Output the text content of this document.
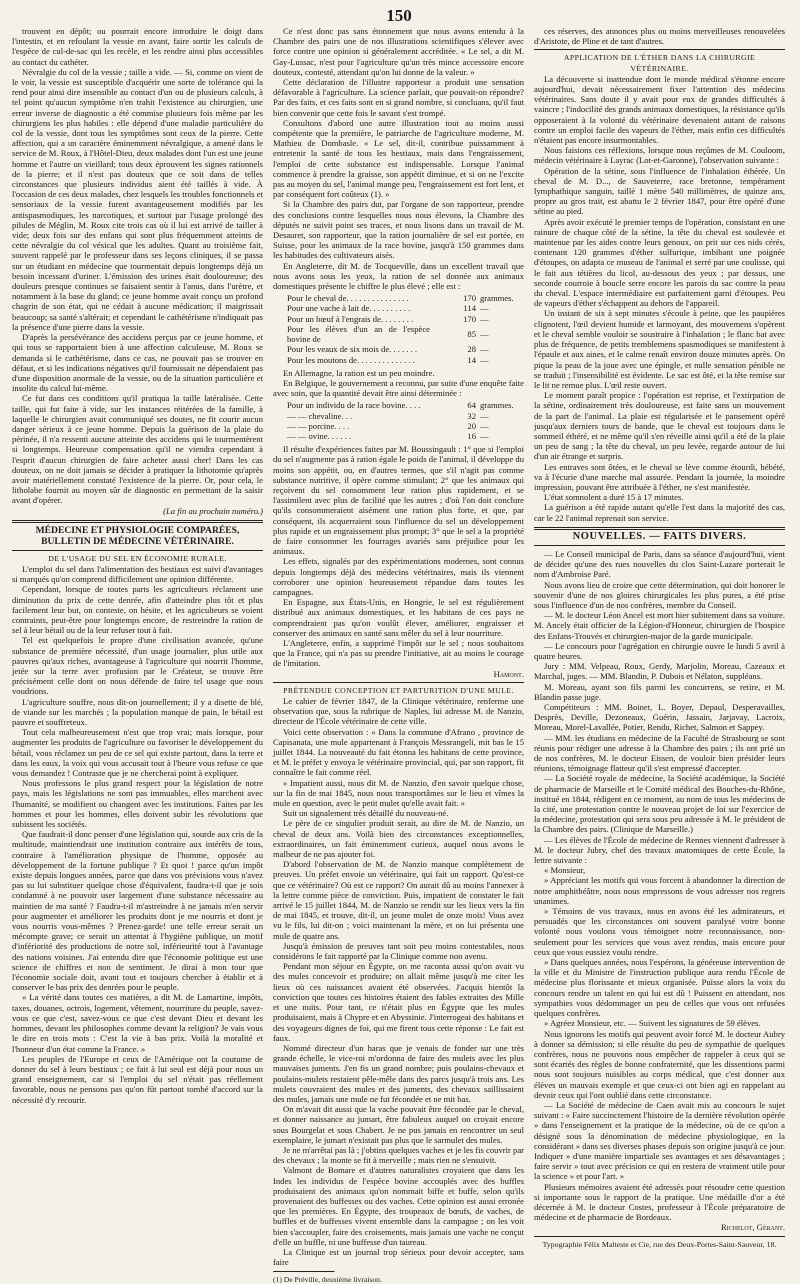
150

trouvent en dépôt; ou pourrait encore introduire le doigt dans l'intestin, et en refoulant la vessie en avant, faire sortir les calculs de l'espèce de cul-de-sac qui les recèle, et les rendre ainsi plus accessibles au contact du cathéter.

Névralgie du col de la vessie ; taille a vide. — Si, comme on vient de le voir, la vessie est susceptible d'acquérir une sorte de tolérance qui la rend pour ainsi dire insensible au contact d'un ou de plusieurs calculs, à tel point qu'aucun symptôme n'en trahit l'existence au chirurgien, une erreur inverse de diagnostic a été commise plusieurs fois même par les chirurgiens les plus habiles : elle dépend d'une maladie particulière du col de la vessie, dont tous les symptômes sont ceux de la pierre. Cette affection, qui a un caractère éminemment névralgique, a amené dans le service de M. Roux, à l'Hôtel-Dieu, deux malades dont l'un est une jeune homme et l'autre un vieillard; tous deux éprouvent les signes rationnels de la pierre; et il n'est pas douteux que ce soit dans de telles circonstances que plusieurs individus aient été taillés à vide. À l'occasion de ces deux malades, chez lesquels les troubles fonctionnels et sensoriaux de la vessie furent avantageusement modifiés par les antispasmodiques, les narcotiques, et surtout par l'usage prolongé des pilules de Méglin, M. Roux cite trois cas où il lui est arrivé de tailler à vide; deux fois sur des enfans qui sont plus fréquemment atteints de cette névralgie du col vésical que les adultes. Quant au troisième fait, souvent rappelé par le professeur dans ses leçons cliniques, il se passa sur un étudiant en médecine que tourmentait depuis longtemps déjà un besoin incessant d'uriner. L'émission des urines était douloureuse; des douleurs presque continues se faisaient sentir à l'anus, dans l'urètre, et notamment à la base du gland; ce jeune homme avait conçu un profond chagrin de son état, qui ne cédait à aucune médication; il maigrissait beaucoup; sa santé s'altérait; et cependant le cathétérisme n'indiquait pas la présence d'une pierre dans la vessie.

D'après la persévérance des accidens perçus par ce jeune homme, et qui tous se rapportaient bien à une affection calculeuse, M. Roux se demanda si le cathétérisme, dans ce cas, ne pouvait pas se trouver en défaut, et si les indications négatives qu'il fournissait ne dépendaient pas d'une disposition anormale de la vessie, ou de la situation particulière et insolite du calcul lui-même.

Ce fut dans ces conditions qu'il pratiqua la taille latéralisée. Cette taille, qui fut faite à vide, sur les instances réitérées de la famille, à laquelle le chirurgien avait communiqué ses doutes, ne fit courir aucun danger sérieux à ce jeune homme. Depuis la guérison de la plaie du périnée, il n'a ressenti aucune atteinte des accidens qui le tourmentèrent si longtemps. Heureuse compensation qu'il ne viendra cependant à l'esprit d'aucun chirurgien de faire acheter aussi cher! Dans les cas douteux, on ne doit jamais se décider à pratiquer la lithotomie qu'après avoir matériellement constaté l'existence de la pierre. Or, pour cela, le litholabe fournit au moyen sûr de diagnostic en permettant de la saisir avant d'opérer.

(La fin au prochain numéro.)

MÉDECINE ET PHYSIOLOGIE COMPARÉES, BULLETIN DE MÉDECINE VÉTÉRINAIRE.

DE L'USAGE DU SEL EN ÉCONOMIE RURALE.

L'emploi du sel dans l'alimentation des bestiaux est suivi d'avantages si marqués qu'on comprend difficilement une opinion différente.

Cependant, lorsque de toutes parts les agriculteurs réclament une diminution du prix de cette denrée, afin d'atteindre plus tôt et plus facilement leur but, on conteste, on hésite, et les agriculteurs se voient contraints, peut-être pour longtemps encore, de restreindre la ration de sel à leur bétail ou de la leur refuser tout à fait.

Tel est quelquefois le propre d'une civilisation avancée, qu'une substance de première nécessité, d'un usage journalier, plus utile aux pauvres qu'aux riches, avantageuse à l'agriculture qui nourrit l'homme, jetée sur la terre avec profusion par le Créateur, se trouve être précisément celle dont on nous défende de faire tel usage que nous voudrions.

L'agriculture souffre, nous dit-on journellement; il y a disette de blé, de viande sur les marchés ; la population manque de pain, le bétail est pauvre et souffreteux.

Tout cela malheureusement n'est que trop vrai; mais lorsque, pour augmenter les produits de l'agriculture ou favoriser le développement du bétail, vous réclamez un peu de ce sel qui existe partout, dans la terre et dans les eaux, la voix qui vous accusait tout à l'heure vous refuse ce que vous demandez ! Contraste que je ne chercherai point à expliquer.

Nous professons le plus grand respect pour la législation de notre pays, mais les législations ne sont pas immuables, elles marchent avec l'humanité, se modifient ou changent avec les institutions. Faites par les hommes et pour les hommes, elles doivent subir les révolutions que subissent les sociétés.

Que faudrait-il donc penser d'une législation qui, sourde aux cris de la multitude, maintiendrait une institution contraire aux intérêts de tous, contraire à l'amélioration physique de l'homme, opposée au développement de la fortune publique ? Et quoi ! parce qu'un impôt existe depuis longues années, parce que dans vos prévisions vous n'avez pas su lui substituer quelque chose d'équivalent, faudra-t-il que je sois condamné à ne pouvoir user largement d'une substance nécessaire au maintien de ma santé ? Faudra-t-il m'astreindre à ne jamais m'en servir pour augmenter et améliorer les produits dont je me nourris et dont je vous nourris vous-mêmes ? Prenez-garde! une telle erreur serait un mécompte grave; ce serait un attentat à l'hygiène publique, un motif d'infériorité des productions de notre sol, inférieurité tout à l'avantage des nations voisines. J'ai entendu dire que l'économie politique est une science de chiffres et non de sentiment. Je dirai à mon tour que l'économie sociale doit, avant tout et toujours chercher à établir et à conserver le bas prix des denrées pour le peuple.

« La vérité dans toutes ces matières, a dit M. de Lamartine, impôts, taxes, douanes, octrois, logement, vêtement, nourriture du peuple, savez-vous ce que c'est, savez-vous ce que c'est devant Dieu et devant les hommes, devant les philosophes comme devant la religion? Je vais vous le dire en trois mots : C'est la vie à bas prix. Voilà la moralité et l'honneur d'un état comme la France. »

Les peuples de l'Europe et ceux de l'Amérique ont la coutume de donner du sel à leurs bestiaux ; ce fait à lui seul est déjà pour nous un grand enseignement, car si l'emploi du sel n'était pas réellement favorable, nous ne pensons pas qu'on fût partout tombé d'accord sur la nécessité d'y recourir.

Ce n'est donc pas sans étonnement que nous avons entendu à la Chambre des pairs une de nos illustrations scientifiques s'élever avec force contre une opinion si généralement accréditée. « Le sel, a dit M. Gay-Lussac, n'est pour l'agriculture qu'un très mince accessoire encore douteux, contesté, attendant qu'on lui donne de la valeur. »

Cette déclaration de l'illustre rapporteur a produit une sensation défavorable à l'agriculture. La science parlait, que pouvait-on répondre? Par des faits, et ces faits sont en si grand nombre, si concluans, qu'il faut bien convenir que cette fois le savant s'est trompé.

Consultons d'abord une autre illustration tout au moins aussi compétente que la première, le patriarche de l'agriculture moderne, M. Mathieu de Dombasle. « Le sel, dit-il, contribue puissamment à entretenir la santé de tous les bestiaux, mais dans l'engraissement, l'emploi de cette substance est indispensable. Lorsque l'animal commence à prendre la graisse, son appétit diminue, et si on ne l'excite pas au moyen du sel, l'animal mange peu, l'engraissement est fort lent, et par conséquent fort coûteux (1). »

Si la Chambre des pairs dut, par l'organe de son rapporteur, prendre des conclusions contre lesquelles nous nous élevons, la Chambre des députés ne suivit point ses traces, et nous lisons dans un travail de M. Desauret, son rapporteur, que la ration journalière de sel est portée, en Suisse, pour les animaux de la race bovine, jusqu'à 150 grammes dans les habitudes des cultivateurs aisés.

En Angleterre, dit M. de Tocqueville, dans un excellent travail que nous avons sous les yeux, la ration de sel donnée aux animaux domestiques présente le chiffre le plus élevé ; elle est :

Pour le cheval de. . . . . . . . . . . . . . .	170	grammes.
Pour une vache à lait de. . . . . . . . . .	114	—
Pour un bœuf à l'engrais de. . . . . . . .	170	—
Pour les élèves d'un an de l'espèce bovine de	85	—
Pour les veaux de six mois de. . . . . . .	28	—
Pour les moutons de. . . . . . . . . . . . . .	14	—

En Allemagne, la ration est un peu moindre.

En Belgique, le gouvernement a reconnu, par suite d'une enquête faite avec soin, que la quantité devait être ainsi déterminée :

Pour un individu de la race bovine. . . .	64	grammes.
— — chevaline. . .	32	—
— — porcine. . . .	20	—
— — ovine. . . . . .	16	—

Il résulte d'expériences faites par M. Boussingault : 1° que si l'emploi du sel n'augmente pas à ration égale le poids de l'animal, il développe du moins son appétit, ou, en d'autres termes, que s'il n'agit pas comme substance nutritive, il opère comme stimulant; 2° que les animaux qui reçoivent du sel consomment leur ration plus rapidement, et se l'assimilent avec plus de facilité que les autres ; d'où l'on doit conclure qu'ils consommeraient aisément une ration plus forte, et que, par conséquent, ils acquerraient sous l'influence du sel un développement plus rapide et un engraissement plus prompt; 3° que le sel a la propriété de faire consommer les fourrages avariés sans préjudice pour les animaux.

Les effets, signalés par des expérimentations modernes, sont connus depuis longtemps déjà des médecins vétérinaires, mais ils viennent corroborer une opinion heureusement répandue dans toutes les campagnes.

En Espagne, aux États-Unis, en Hongrie, le sel est régulièrement distribué aux animaux domestiques, et les habitans de ces pays ne comprendraient pas qu'on voulût élever, améliorer, engraisser et conserver des animaux en santé sans mêler du sel à leur nourriture.

L'Angleterre, enfin, a supprimé l'impôt sur le sel ; nous souhaitons que la France, qui n'a pas su prendre l'initiative, ait au moins le courage de l'imitation.

Hamont.

PRÉTENDUE CONCEPTION ET PARTURITION D'UNE MULE.

Le cahier de février 1847, de la Clinique vétérinaire, renferme une observation que, sous la rubrique de Naples, lui adresse M. de Nanzio, directeur de l'École vétérinaire de cette ville.

Voici cette observation : « Dans la commune d'Afrano , province de Capisanata, une mule appartenant à François Messrangeli, mit bas le 15 juillet 1844. La nouveauté du fait étonna les habitans de cette province, et M. le préfet y envoya le vétérinaire provincial, qui, par son rapport, fit connaître le fait comme réel.

» Impatient aussi, nous dit M. de Nanzio, d'en savoir quelque chose, sur la fin de mai 1845, nous nous transportâmes sur le lieu et vîmes la mule en question, avec le petit mulet qu'elle avait fait. »

Suit un signalement très détaillé du nouveau-né.

Le père de ce singulier produit serait, au dire de M. de Nanzio, un cheval de deux ans. Voilà bien des circonstances exceptionnelles, extraordinaires, un fait éminemment curieux, auquel nous avons le malheur de ne pas ajouter foi.

D'abord l'observation de M. de Nanzio manque complètement de preuves. Un préfet envoie un vétérinaire, qui fait un rapport. Qu'est-ce que ce vétérinaire? Où est ce rapport? On aurait dû au moins l'annexer à la lettre comme pièce de conviction. Puis, impatient de constater le fait arrivé le 15 juillet 1844, M. de Nanzio se rendit sur les lieux vers la fin de mai 1845, et trouve, dit-il, un jeune mulet de onze mois! Vous avez vu le fils, lui dit-on ; voici maintenant la mère, et on lui présenta une mule de quatre ans.

Jusqu'à émission de preuves tant soit peu moins contestables, nous considérons le fait rapporté par la Clinique comme non avenu.

Pendant mon séjour en Égypte, on me raconta aussi qu'on avait vu des mules concevoir et produire; on allait même jusqu'à me citer les lieux où ces naissances avaient été observées. J'acquis bientôt la conviction que toutes ces histoires étaient des fables extraites des Mille et une nuits. Pour tant, ce n'était plus en Égypte que les mules produisaient, mais à Chypre et en Abyssinie. J'interrogeai des habitans et des voyageurs dignes de foi, qui me firent tous cette réponse : Le fait est faux.

Nommé directeur d'un haras que je venais de fonder sur une très grande échelle, le vice-roi m'ordonna de faire des mulets avec les plus mauvaises juments. J'en fis un grand nombre; puis poulains-chevaux et poulains-mulets restaient pêle-mêle dans des parcs jusqu'à trois ans. Les mulets couvraient des mules et des juments, des chevaux saillissaient des mules, jamais une mule ne fut fécondée et ne mit bas.

On m'avait dit aussi que la vache pouvait être fécondée par le cheval, et donner naissance au jumart, être fabuleux auquel on croyait encore sous Bourgelat et sous Chabert. Je ne pus jamais en rencontrer un seul exemplaire, le jumart n'existait pas plus que le sarmulet des mules.

Je ne m'arrêtai pas là ; j'obtins quelques vaches et je les fis couvrir par des chevaux ; la monte se fit à merveille ; mais rien ne s'ensuivit.

Valmont de Bomare et d'autres naturalistes croyaient que dans les Indes les individus de l'espèce bovine accouplés avec des buffles produisaient des animaux qu'on nommait biffe et buffe, selon qu'ils provenaient des buffesses ou des vaches. Cette opinion est aussi erronée que les premières. En Égypte, des troupeaux de bœufs, de vaches, de buffles et de buffesses vivent ensemble dans la campagne ; on les voit bien s'accoupler, faire des croisements, mais jamais une vache ne conçut d'elle un buffle, ni une buffesse d'un taureau.

La Clinique est un journal trop sérieux pour devoir accepter, sans faire

(1) De Préville, deuxième livraison.

ces réserves, des annonces plus ou moins merveilleuses renouvelées d'Aristote, de Pline et de tant d'autres.

APPLICATION DE L'ÉTHER DANS LA CHIRURGIE VÉTÉRINAIRE.

La découverte si inattendue dont le monde médical s'étonne encore aujourd'hui, devait nécessairement fixer l'attention des médecins vétérinaires. Sans doute il y avait pour eux de grandes difficultés à vaincre ; l'indocilité des grands animaux domestiques, la résistance qu'ils opposeraient à la volonté du vétérinaire devenaient autant de raisons contre un emploi facile des vapeurs de l'éther, mais enfin ces difficultés n'étaient pas encore insurmontables.

Nous faisions ces réflexions, lorsque nous reçûmes de M. Couloom, médecin vétérinaire à Layrac (Lot-et-Garonne), l'observation suivante :

Opération de la sétine, sous l'influence de l'inhalation éthérée. Un cheval de M. D..., de Sauveterre, race bretonne, tempérament lymphathique sanguin, taillé 1 mètre 540 millimètres, de quinze ans, propre au gros trait, est abattu le 2 février 1847, pour être opéré d'une sétine au pied.

Après avoir exécuté le premier temps de l'opération, consistant en une rainure de chaque côté de la sétine, la tête du cheval est soulevée et maintenue par les aides contre leurs genoux, on prit sur ces nids cérés, contenant 120 grammes d'éther sulfurique, imbibant une poignée d'étoupes, on adapta ce museau de l'animal et serré par une coulisse, qui le fait aux tétières du licol, au-dessous des yeux ; par dessus, une seconde courroie à boucle serre encore les parois du sac contre la peau du cheval. L'espace intermédiaire est parfaitement garni d'étoupes. Peu de vapeurs d'éther s'échappent au dehors de l'appareil.

Un instant de six à sept minutes s'écoule à peine, que les paupières clignotent, l'œil devient humide et larmoyant, des mouvemens s'opèrent et le cheval semble vouloir se soustraire à l'inhalation ; le flanc bat avec plus de fréquence, de petits tremblemens spasmodiques se manifestent à l'épaule et aux aines, et le calme renaît environ douze minutes après. On pique la peau de la joue avec une épingle, et nulle sensation pénible ne se traduit ; l'insensibilité est évidente. Le sac est ôté, et la tête remise sur le lit ne remue plus. L'œil reste ouvert.

Le moment paraît propice : l'opération est reprise, et l'extirpation de la sétine, ordinairement très douloureuse, est faite sans un mouvement de la part de l'animal. La plaie est régularisée et le pansement opéré jusqu'aux derniers tours de bande, que le cheval est toujours dans le sommeil éthéré, et ne même qu'il s'en réveille ainsi qu'il a été de la plaie un peu de sang ; la tête du cheval, un peu levée, regarde autour de lui d'un air étrange et surpris.

Les entraves sont ôtées, et le cheval se lève comme étourdi, hébété, va à l'écurie d'une marche mal assurée. Pendant la journée, la moindre impression, pouvant être attribuée à l'éther, ne s'est manifestée.

L'état somnolent a duré 15 à 17 minutes.

La guérison a été rapide autant qu'elle l'est dans la majorité des cas, car le 22 l'animal reprenait son service.

NOUVELLES. — FAITS DIVERS.

— Le Conseil municipal de Paris, dans sa séance d'aujourd'hui, vient de décider qu'une des rues nouvelles du clos Saint-Lazare porterait le nom d'Ambroise Paré.

Nous avons lieu de croire que cette détermination, qui doit honorer le souvenir d'une de nos gloires chirurgicales les plus pures, a été prise sous l'influence d'un de nos confrères, membre du Conseil.

— M. le docteur Léon Ancel est mort hier subitement dans sa voiture. M. Ancely était officier de la Légion-d'Honneur, chirurgien de l'hospice des Enfans-Trouvés et chirurgien-major de la garde municipale.

— Le concours pour l'agrégation en chirurgie ouvre le lundi 5 avril à quatre heures.

Jury : MM. Velpeau, Roux, Gerdy, Marjolin, Moreau, Cazeaux et Marchal, juges. — MM. Blandin, P. Dubois et Nélaton, suppléans.

M. Moreau, ayant son fils parmi les concurrens, se retire, et M. Blandin passe juge.

Compétiteurs : MM. Boinet, L. Boyer, Depaul, Desperavailles, Desprès, Deville, Dezoneaux, Guérin, Jassain, Jarjavay, Lacroix, Moreau, Morel-Lavallée, Potier, Rendu, Richet, Salmon et Sappey.

— MM. les étudians en médecine de la Faculté de Strasbourg se sont réunis pour rédiger une adresse à la Chambre des pairs ; ils ont prié un de nos confrères, M. le docteur Eissen, de vouloir bien présider leurs réunions, témoignage flatteur qu'il s'est empressé d'accepter.

— La Société royale de médecine, la Société académique, la Société de pharmacie de Marseille et le Comité médical des Bouches-du-Rhône, institué en 1844, rédigent en ce moment, au nom de tous les médecins de la cité, une protestation contre le nouveau projet de loi sur l'exercice de la médecine, protestation qui sera sous peu adressée à M. le président de la Chambre des pairs. (Clinique de Marseille.)

— Les élèves de l'École de médecine de Rennes viennent d'adresser à M. le docteur Jubry, chef des travaux anatomiques de cette École, la lettre suivante :

« Monsieur,

» Appréciant les motifs qui vous forcent à abandonner la direction de notre amphithéâtre, nous nous empressons de vous adresser nos regrets unanimes.

» Témoins de vos travaux, nous en avons été les admirateurs, et persuadés que les circonstances ont souvent paralysé votre bonne volonté nous voulons vous témoigner notre reconnaissance, non-seulement pour les services que vous avez rendus, mais encore pour ceux que vous eussiez voulu rendre.

» Dans quelques années, nous l'espérons, la généreuse intervention de la ville et du Ministre de l'instruction publique aura rendu l'École de médecine plus florissante et mieux organisée. Puisse alors la voix du concours rendre un talent en qui lui est dû ! Puissent en attendant, nos sympathies vous dédommager un peu de celles que vous ont refusées quelques confrères.

» Agréez Monsieur, etc. — Suivent les signatures de 59 élèves.

Nous ignorons les motifs qui peuvent avoir forcé M. le docteur Aubry à donner sa démission; si elle résulte du peu de sympathie de quelques confrères, nous ne pouvons nous empêcher de rappeler à ceux qui se sont écartés des règles de bonne confraternité, que les dissentions parmi nous sont toujours nuisibles au corps médical, que c'est donner aux élèves un mauvais exemple et que ceux-ci ont bien agi en rappelant au devoir ceux qui l'ont oublié dans cette circonstance.

— La Société de médecine de Caen avait mis au concours le sujet suivant : « Faire succinctement l'histoire de la dernière révolution opérée » dans l'enseignement et la pratique de la médecine, où de ce qu'on a désigné sous la dénomination de médecine physiologique, en la considérant » dans ses diverses phases depuis son origine jusqu'à ce jour. Indiquer » d'une manière impartiale ses avantages et ses désavantages ; faire servir » tout avec précision ce qui en restera de vraiment utile pour la science » et pour l'art. »

Plusieurs mémoires avaient été adressés pour résoudre cette question si importante sous le rapport de la pratique. Une médaille d'or a été décernée à M. le docteur Costes, professeur à l'École préparatoire de médecine et de pharmacie de Bordeaux.

Richelot, Gérant.

Typographie Félix Malteste et Cie, rue des Deux-Portes-Saint-Sauveur, 18.
